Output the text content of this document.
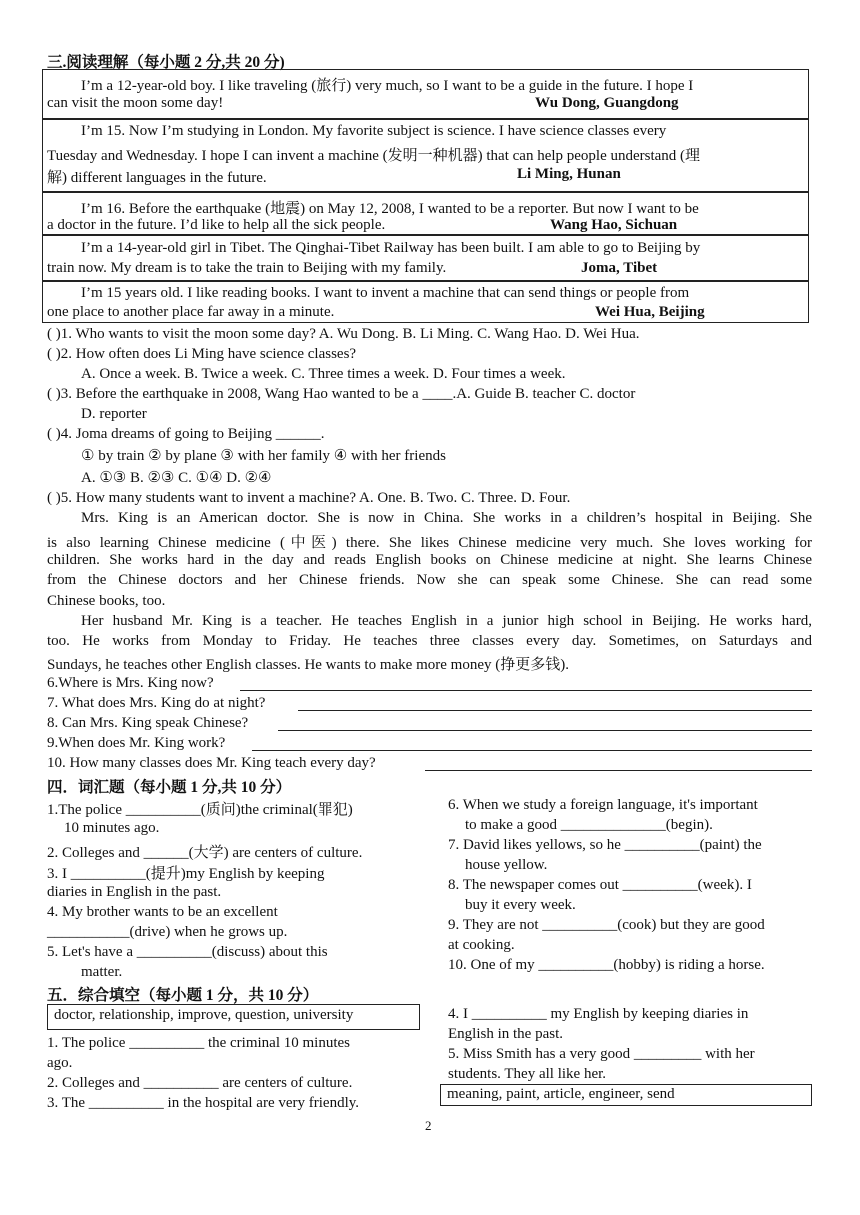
三.阅读理解（每小题 2 分,共 20 分)
I’m a 12-year-old boy. I like traveling (旅行) very much, so I want to be a guide in the future. I hope I
can visit the moon some day!	Wu Dong, Guangdong
I’m 15. Now I’m studying in London. My favorite subject is science. I have science classes every
Tuesday and Wednesday. I hope I can invent a machine (发明一种机器) that can help people understand (理
解) different languages in the future.	Li Ming, Hunan
I’m 16. Before the earthquake (地震) on May 12, 2008, I wanted to be a reporter. But now I want to be
a doctor in the future. I’d like to help all the sick people.	Wang Hao, Sichuan
I’m a 14-year-old girl in Tibet. The Qinghai-Tibet Railway has been built. I am able to go to Beijing by
train now. My dream is to take the train to Beijing with my family.	Joma, Tibet
I’m 15 years old. I like reading books. I want to invent a machine that can send things or people from
one place to another place far away in a minute.	Wei Hua, Beijing
( )1. Who wants to visit the moon some day? A. Wu Dong. B. Li Ming. C. Wang Hao. D. Wei Hua.
( )2. How often does Li Ming have science classes?
A. Once a week. B. Twice a week. C. Three times a week. D. Four times a week.
( )3. Before the earthquake in 2008, Wang Hao wanted to be a ____.A. Guide B. teacher C. doctor
D. reporter
( )4. Joma dreams of going to Beijing ______.
① by train ② by plane ③ with her family ④ with her friends
A. ①③ B. ②③ C. ①④ D. ②④
( )5. How many students want to invent a machine? A. One. B. Two. C. Three. D. Four.
Mrs. King is an American doctor. She is now in China. She works in a children’s hospital in Beijing. She
is also learning Chinese medicine (中医) there. She likes Chinese medicine very much. She loves working for
children. She works hard in the day and reads English books on Chinese medicine at night. She learns Chinese
from the Chinese doctors and her Chinese friends. Now she can speak some Chinese. She can read some
Chinese books, too.
Her husband Mr. King is a teacher. He teaches English in a junior high school in Beijing. He works hard,
too. He works from Monday to Friday. He teaches three classes every day. Sometimes, on Saturdays and
Sundays, he teaches other English classes. He wants to make more money (挣更多钱).
6.Where is Mrs. King now?
7. What does Mrs. King do at night?
8. Can Mrs. King speak Chinese?
9.When does Mr. King work?
10. How many classes does Mr. King teach every day?
四．词汇题（每小题 1 分,共 10 分）
1.The police __________(质问)the criminal(罪犯)
10 minutes ago.
2. Colleges and ______(大学) are centers of culture.
3. I __________(提升)my English by keeping
diaries in English in the past.
4. My brother wants to be an excellent
___________(drive) when he grows up.
5. Let's have a __________(discuss) about this
matter.
6. When we study a foreign language, it's important
to make a good ______________(begin).
7. David likes yellows, so he __________(paint) the
house yellow.
8. The newspaper comes out __________(week). I
buy it every week.
9. They are not __________(cook) but they are good
at cooking.
10. One of my __________(hobby) is riding a horse.
五．综合填空（每小题 1 分，共 10 分）
doctor, relationship, improve, question, university
1. The police __________ the criminal 10 minutes
ago.
2. Colleges and __________ are centers of culture.
3. The __________ in the hospital are very friendly.
4. I __________ my English by keeping diaries in
English in the past.
5. Miss Smith has a very good _________ with her
students. They all like her.
meaning, paint, article, engineer, send
2
